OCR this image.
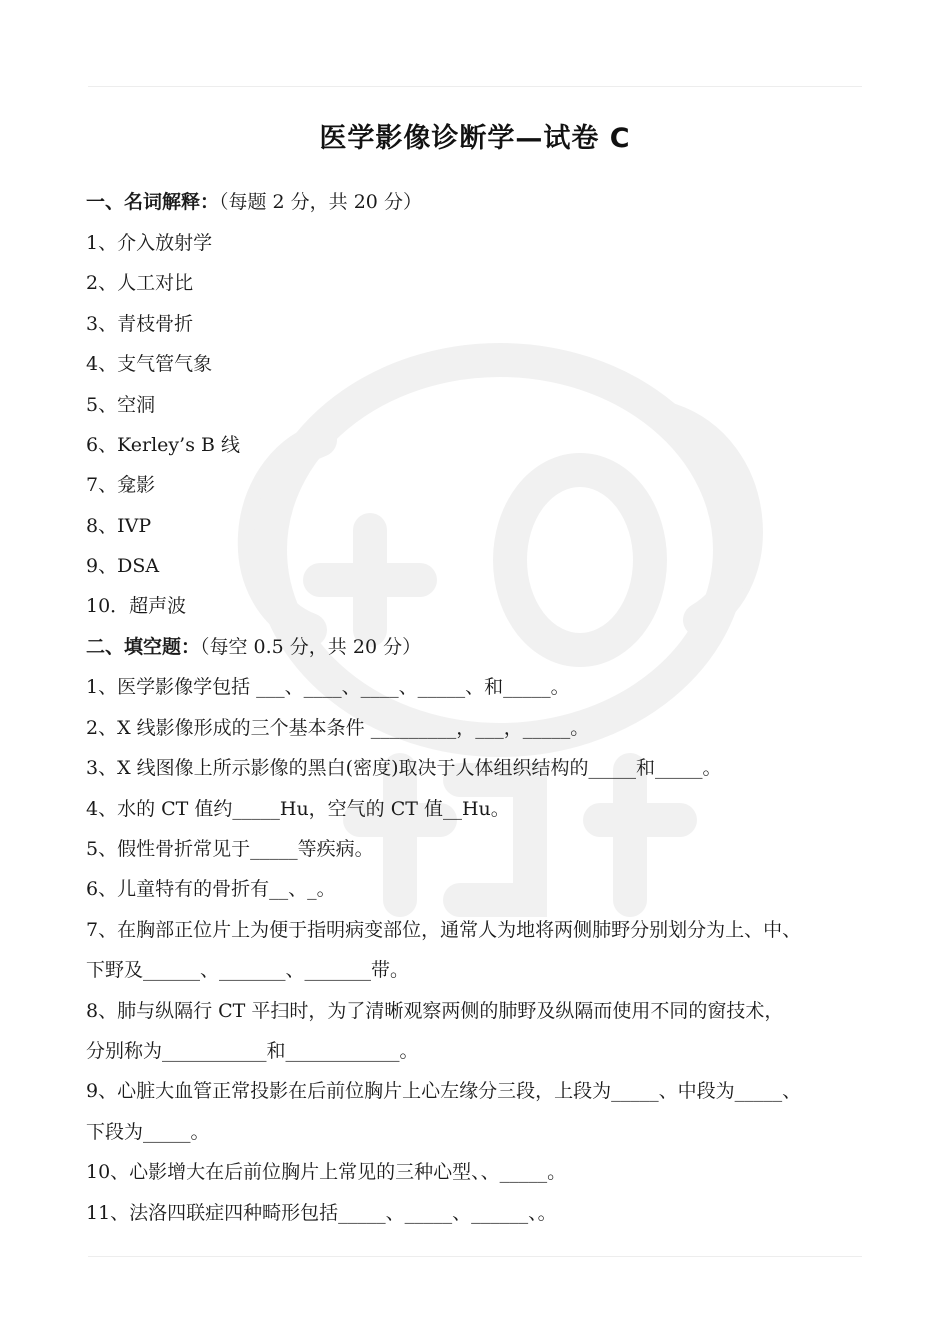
医学影像诊断学—试卷 C
一、名词解释：（每题 2 分，共 20 分）
1、介入放射学
2、人工对比
3、青枝骨折
4、支气管气象
5、空洞
6、Kerley’s B 线
7、龛影
8、IVP
9、DSA
10．超声波
二、填空题：（每空 0.5 分，共 20 分）
1、医学影像学包括 ___、____、____、_____、和_____。
2、X 线影像形成的三个基本条件 _________，___，_____。
3、X 线图像上所示影像的黑白(密度)取决于人体组织结构的_____和_____。
4、水的 CT 值约_____Hu，空气的 CT 值__Hu。
5、假性骨折常见于_____等疾病。
6、儿童特有的骨折有__、_。
7、在胸部正位片上为便于指明病变部位，通常人为地将两侧肺野分别划分为上、中、
下野及______、_______、_______带。
8、肺与纵隔行 CT 平扫时，为了清晰观察两侧的肺野及纵隔而使用不同的窗技术，
分别称为___________和____________。
9、心脏大血管正常投影在后前位胸片上心左缘分三段，上段为_____、中段为_____、
下段为_____。
10、心影增大在后前位胸片上常见的三种心型、、_____。
11、法洛四联症四种畸形包括_____、_____、______、。
